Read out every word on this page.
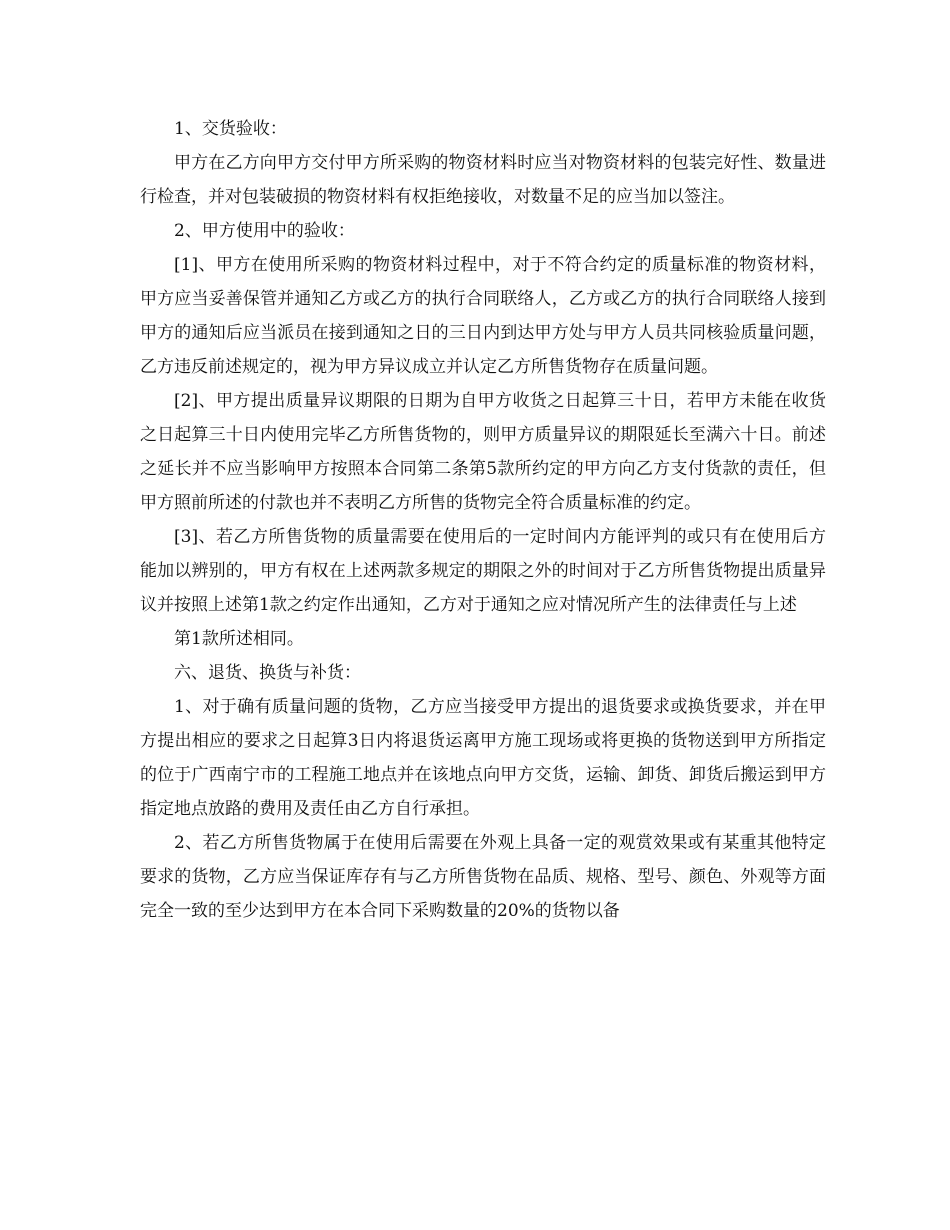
1、交货验收：

甲方在乙方向甲方交付甲方所采购的物资材料时应当对物资材料的包装完好性、数量进行检查，并对包装破损的物资材料有权拒绝接收，对数量不足的应当加以签注。

2、甲方使用中的验收：

[1]、甲方在使用所采购的物资材料过程中，对于不符合约定的质量标准的物资材料，甲方应当妥善保管并通知乙方或乙方的执行合同联络人，乙方或乙方的执行合同联络人接到甲方的通知后应当派员在接到通知之日的三日内到达甲方处与甲方人员共同核验质量问题，乙方违反前述规定的，视为甲方异议成立并认定乙方所售货物存在质量问题。

[2]、甲方提出质量异议期限的日期为自甲方收货之日起算三十日，若甲方未能在收货之日起算三十日内使用完毕乙方所售货物的，则甲方质量异议的期限延长至满六十日。前述之延长并不应当影响甲方按照本合同第二条第5款所约定的甲方向乙方支付货款的责任，但甲方照前所述的付款也并不表明乙方所售的货物完全符合质量标准的约定。

[3]、若乙方所售货物的质量需要在使用后的一定时间内方能评判的或只有在使用后方能加以辨别的，甲方有权在上述两款多规定的期限之外的时间对于乙方所售货物提出质量异议并按照上述第1款之约定作出通知，乙方对于通知之应对情况所产生的法律责任与上述

第1款所述相同。

六、退货、换货与补货：

1、对于确有质量问题的货物，乙方应当接受甲方提出的退货要求或换货要求，并在甲方提出相应的要求之日起算3日内将退货运离甲方施工现场或将更换的货物送到甲方所指定的位于广西南宁市的工程施工地点并在该地点向甲方交货，运输、卸货、卸货后搬运到甲方指定地点放路的费用及责任由乙方自行承担。

2、若乙方所售货物属于在使用后需要在外观上具备一定的观赏效果或有某重其他特定要求的货物，乙方应当保证库存有与乙方所售货物在品质、规格、型号、颜色、外观等方面完全一致的至少达到甲方在本合同下采购数量的20%的货物以备
